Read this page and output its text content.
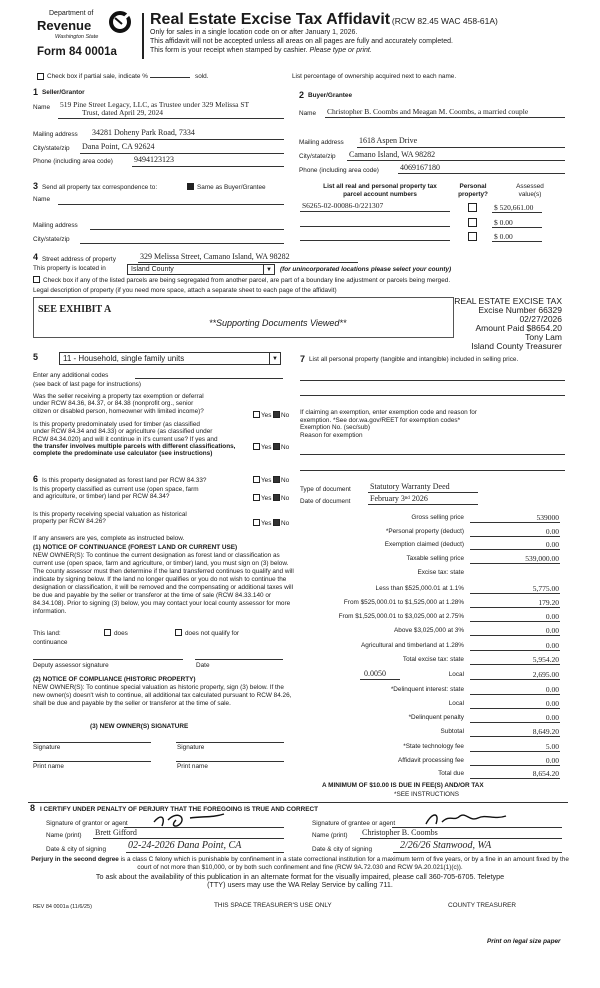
Department of
Revenue
Washington State
Form 84 0001a
Real Estate Excise Tax Affidavit (RCW 82.45 WAC 458-61A)
Only for sales in a single location code on or after January 1, 2026.
This affidavit will not be accepted unless all areas on all pages are fully and accurately completed.
This form is your receipt when stamped by cashier. Please type or print.
Check box if partial sale, indicate %	sold.	List percentage of ownership acquired next to each name.
1 Seller/Grantor
Name 519 Pine Street Legacy, LLC, as Trustee under 329 Melissa ST
Trust, dated April 29, 2024
Mailing address 34281 Doheny Park Road, 7334
City/state/zip Dana Point, CA 92624
Phone (including area code)	9494123123
2 Buyer/Grantee
Name Christopher B. Coombs and Meagan M. Coombs, a married couple
Mailing address 1618 Aspen Drive
City/state/zip Camano Island, WA 98282
Phone (including area code)	4069167180
3 Send all property tax correspondence to:	Same as Buyer/Grantee
Name
Mailing address
City/state/zip
List all real and personal property tax
parcel account numbers
Personal
property?
Assessed
value(s)
S6265-02-00086-0/221307	$ 520,661.00
$ 0.00
$ 0.00
4 Street address of property	329 Melissa Street, Camano Island, WA 98282
This property is located in	Island County	▼	(for unincorporated locations please select your county)
Check box if any of the listed parcels are being segregated from another parcel, are part of a boundary line adjustment or parcels being merged.
Legal description of property (if you need more space, attach a separate sheet to each page of the affidavit)
SEE EXHIBIT A
**Supporting Documents Viewed**
REAL ESTATE EXCISE TAX
Excise Number 66329
02/27/2026
Amount Paid $8654.20
Tony Lam
Island County Treasurer
5	11 - Household, single family units	▼
Enter any additional codes
(see back of last page for instructions)
Was the seller receiving a property tax exemption or deferral
under RCW 84.36, 84.37, or 84.38 (nonprofit org., senior
citizen or disabled person, homeowner with limited income)?
Yes No
Is this property predominately used for timber (as classified
under RCW 84.34 and 84.33) or agriculture (as classified under
RCW 84.34.020) and will it continue in it's current use? If yes and
the transfer involves multiple parcels with different classifications,
complete the predominate use calculator (see instructions)
Yes No
7 List all personal property (tangible and intangible) included in selling price.
If claiming an exemption, enter exemption code and reason for
exemption. *See dor.wa.gov/REET for exemption codes*
Exemption No. (sec/sub)
Reason for exemption
6 Is this property designated as forest land per RCW 84.33?	Yes No
Is this property classified as current use (open space, farm
and agriculture, or timber) land per RCW 84.34?	Yes No
Is this property receiving special valuation as historical
property per RCW 84.26?	Yes No
If any answers are yes, complete as instructed below.
(1) NOTICE OF CONTINUANCE (FOREST LAND OR CURRENT USE)
NEW OWNER(S): To continue the current designation as forest land or classification as current use (open space, farm and agriculture, or timber) land, you must sign on (3) below. The county assessor must then determine if the land transferred continues to qualify and will indicate by signing below. If the land no longer qualifies or you do not wish to continue the designation or classification, it will be removed and the compensating or additional taxes will be due and payable by the seller or transferor at the time of sale (RCW 84.33.140 or 84.34.108). Prior to signing (3) below, you may contact your local county assessor for more information.
This land:	does	does not qualify for
continuance
Deputy assessor signature	Date
(2) NOTICE OF COMPLIANCE (HISTORIC PROPERTY)
NEW OWNER(S): To continue special valuation as historic property, sign (3) below. If the new owner(s) doesn't wish to continue, all additional tax calculated pursuant to RCW 84.26, shall be due and payable by the seller or transferor at the time of sale.
(3) NEW OWNER(S) SIGNATURE
Signature	Signature
Print name	Print name
Type of document Statutory Warranty Deed
Date of document February 3ⁿᵈ 2026
Gross selling price	539000
*Personal property (deduct)	0.00
Exemption claimed (deduct)	0.00
Taxable selling price	539,000.00
Excise tax: state
Less than $525,000.01 at 1.1%	5,775.00
From $525,000.01 to $1,525,000 at 1.28%	179.20
From $1,525,000.01 to $3,025,000 at 2.75%	0.00
Above $3,025,000 at 3%	0.00
Agricultural and timberland at 1.28%	0.00
Total excise tax: state	5,954.20
Local	2,695.00
*Delinquent interest: state	0.00
Local	0.00
*Delinquent penalty	0.00
Subtotal	8,649.20
*State technology fee	5.00
Affidavit processing fee	0.00
Total due	8,654.20
0.0050
A MINIMUM OF $10.00 IS DUE IN FEE(S) AND/OR TAX
*SEE INSTRUCTIONS
8 I CERTIFY UNDER PENALTY OF PERJURY THAT THE FOREGOING IS TRUE AND CORRECT
Signature of grantor or agent
Name (print) Brett Gifford
Date & city of signing 02-24-2026 Dana Point, CA
Signature of grantee or agent
Name (print) Christopher B. Coombs
Date & city of signing	2/26/26 Stanwood, WA
Perjury in the second degree is a class C felony which is punishable by confinement in a state correctional institution for a maximum term of five years, or by a fine in an amount fixed by the court of not more than $10,000, or by both such confinement and fine (RCW 9A.72.030 and RCW 9A.20.021(1)(c)).
To ask about the availability of this publication in an alternate format for the visually impaired, please call 360-705-6705. Teletype
(TTY) users may use the WA Relay Service by calling 711.
REV 84 0001a (11/6/25)	THIS SPACE TREASURER'S USE ONLY	COUNTY TREASURER
Print on legal size paper
